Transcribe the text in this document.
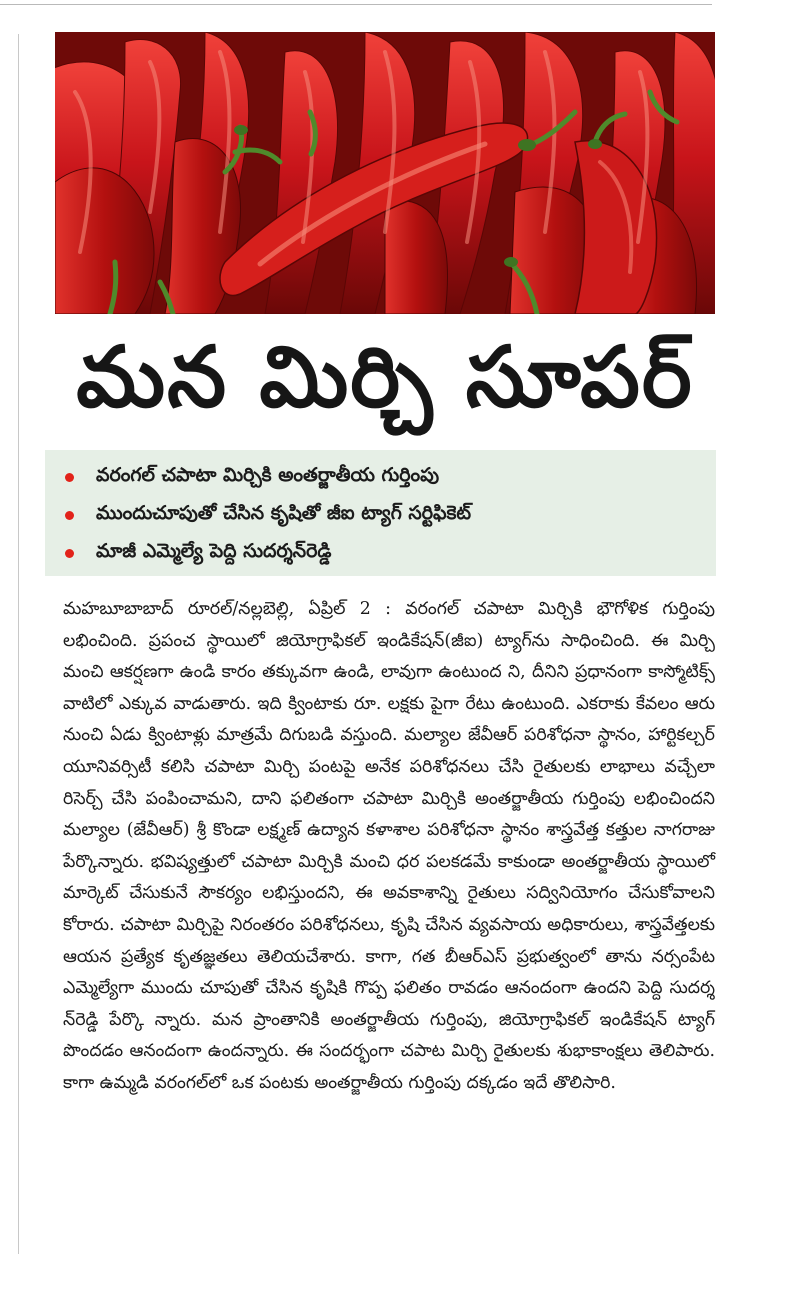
మన మిర్చి సూపర్
వరంగల్ చపాటా మిర్చికి అంతర్జాతీయ గుర్తింపు
ముందుచూపుతో చేసిన కృషితో జీఐ ట్యాగ్ సర్టిఫికెట్
మాజీ ఎమ్మెల్యే పెద్ది సుదర్శన్‌రెడ్డి

మహబూబాబాద్ రూరల్/నల్లబెల్లి, ఏప్రిల్ 2 : వరంగల్ చపాటా మిర్చికి భౌగోళిక గుర్తింపు లభించింది. ప్రపంచ స్థాయిలో జియోగ్రాఫికల్ ఇండికేషన్(జీఐ) ట్యాగ్‌ను సాధించింది. ఈ మిర్చి మంచి ఆకర్షణగా ఉండి కారం తక్కువగా ఉండి, లావుగా ఉంటుంద ని, దీనిని ప్రధానంగా కాస్మోటిక్స్ వాటిలో ఎక్కువ వాడుతారు. ఇది క్వింటాకు రూ. లక్షకు పైగా రేటు ఉంటుంది. ఎకరాకు కేవలం ఆరు నుంచి ఏడు క్వింటాళ్లు మాత్రమే దిగుబడి వస్తుంది. మల్యాల జేవీఆర్ పరిశోధనా స్థానం, హార్టికల్చర్ యూనివర్సిటీ కలిసి చపాటా మిర్చి పంటపై అనేక పరిశోధనలు చేసి రైతులకు లాభాలు వచ్చేలా రిసెర్చ్ చేసి పంపించామని, దాని ఫలితంగా చపాటా మిర్చికి అంతర్జాతీయ గుర్తింపు లభించిందని మల్యాల (జేవీఆర్) శ్రీ కొండా లక్ష్మణ్ ఉద్యాన కళాశాల పరిశోధనా స్థానం శాస్త్రవేత్త కత్తుల నాగరాజు పేర్కొన్నారు. భవిష్యత్తులో చపాటా మిర్చికి మంచి ధర పలకడమే కాకుండా అంతర్జాతీయ స్థాయిలో మార్కెట్ చేసుకునే సౌకర్యం లభిస్తుందని, ఈ అవకాశాన్ని రైతులు సద్వినియోగం చేసుకోవాలని కోరారు. చపాటా మిర్చిపై నిరంతరం పరిశోధనలు, కృషి చేసిన వ్యవసాయ అధికారులు, శాస్త్రవేత్తలకు ఆయన ప్రత్యేక కృతజ్ఞతలు తెలియచేశారు. కాగా, గత బీఆర్ఎస్ ప్రభుత్వంలో తాను నర్సంపేట ఎమ్మెల్యేగా ముందు చూపుతో చేసిన కృషికి గొప్ప ఫలితం రావడం ఆనందంగా ఉందని పెద్ది సుదర్శ న్‌రెడ్డి పేర్కొ న్నారు. మన ప్రాంతానికి అంతర్జాతీయ గుర్తింపు, జియోగ్రాఫికల్ ఇండికేషన్ ట్యాగ్ పొందడం ఆనందంగా ఉందన్నారు. ఈ సందర్భంగా చపాట మిర్చి రైతులకు శుభాకాంక్షలు తెలిపారు. కాగా ఉమ్మడి వరంగల్‌లో ఒక పంటకు అంతర్జాతీయ గుర్తింపు దక్కడం ఇదే తొలిసారి.
